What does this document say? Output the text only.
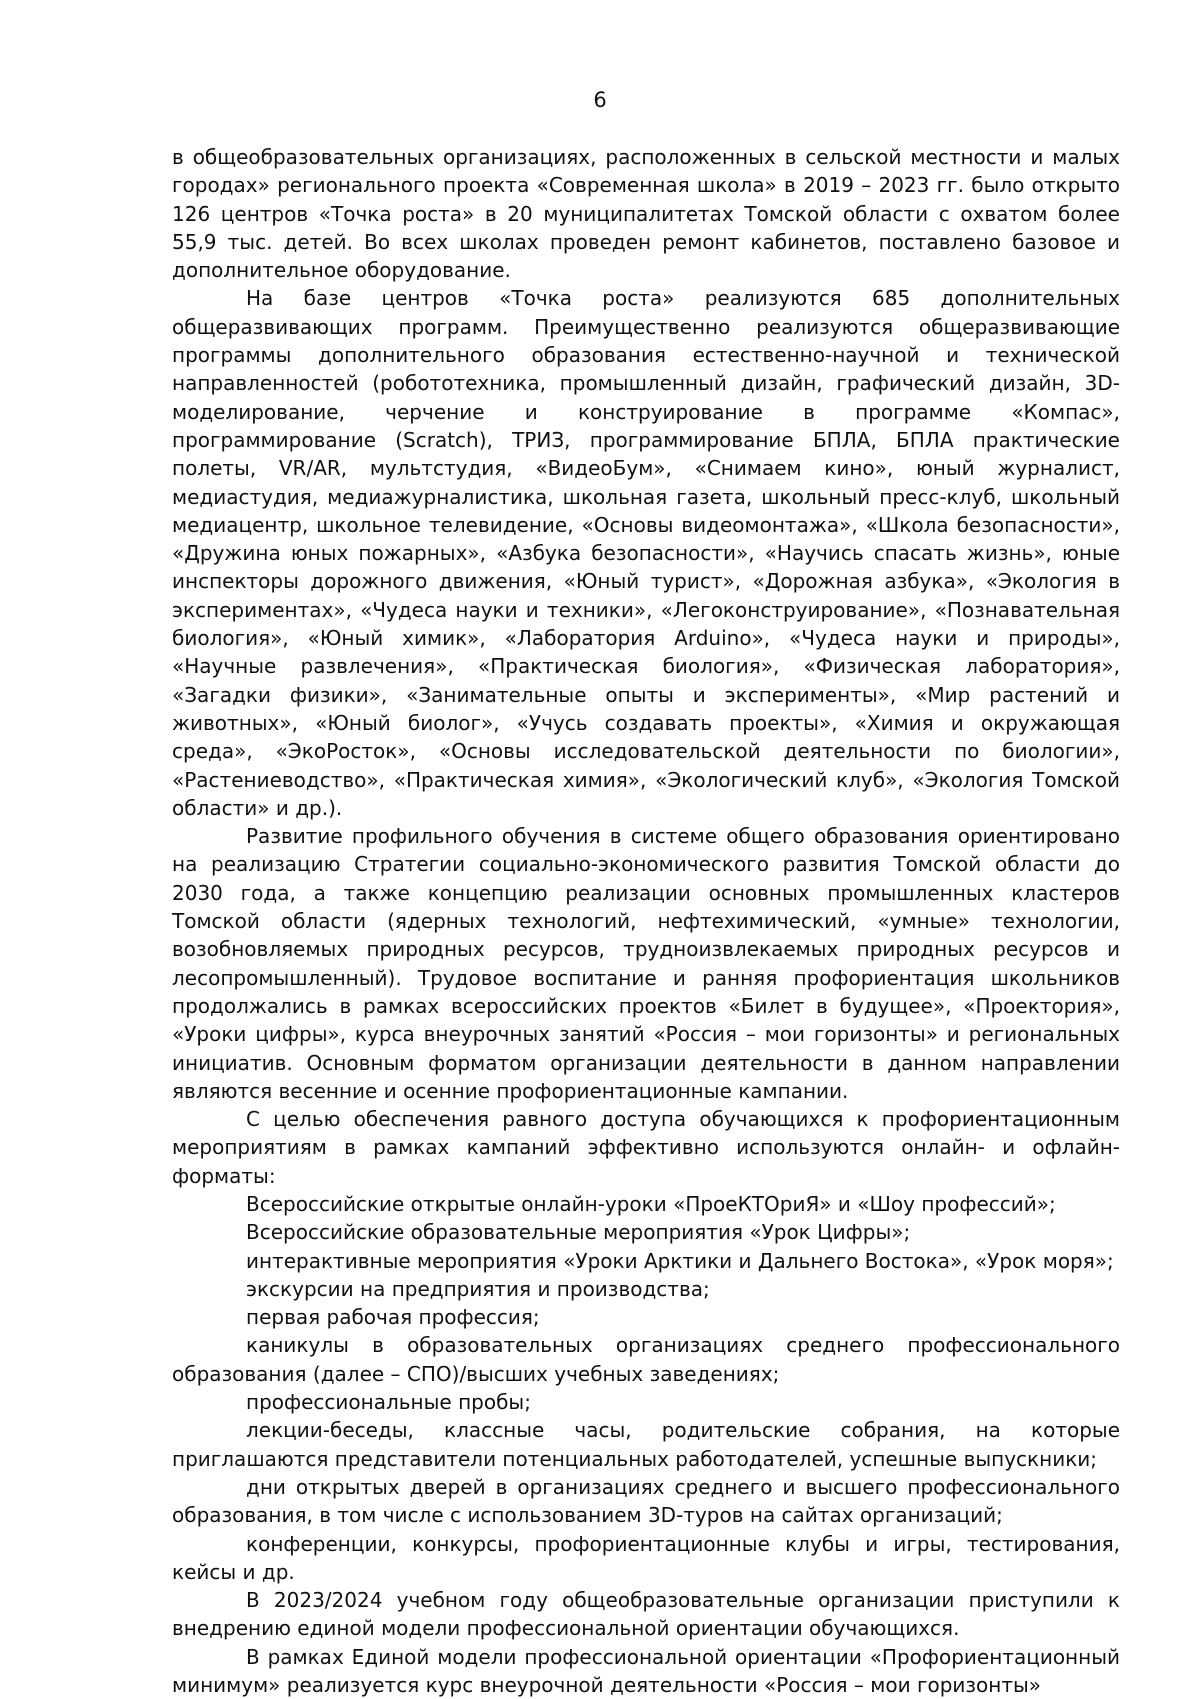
6

в общеобразовательных организациях, расположенных в сельской местности и малых городах» регионального проекта «Современная школа» в 2019 – 2023 гг. было открыто 126 центров «Точка роста» в 20 муниципалитетах Томской области с охватом более 55,9 тыс. детей. Во всех школах проведен ремонт кабинетов, поставлено базовое и дополнительное оборудование.

На базе центров «Точка роста» реализуются 685 дополнительных общеразвивающих программ. Преимущественно реализуются общеразвивающие программы дополнительного образования естественно-научной и технической направленностей (робототехника, промышленный дизайн, графический дизайн, 3D-моделирование, черчение и конструирование в программе «Компас», программирование (Scratch), ТРИЗ, программирование БПЛА, БПЛА практические полеты, VR/AR, мультстудия, «ВидеоБум», «Снимаем кино», юный журналист, медиастудия, медиажурналистика, школьная газета, школьный пресс-клуб, школьный медиацентр, школьное телевидение, «Основы видеомонтажа», «Школа безопасности», «Дружина юных пожарных», «Азбука безопасности», «Научись спасать жизнь», юные инспекторы дорожного движения, «Юный турист», «Дорожная азбука», «Экология в экспериментах», «Чудеса науки и техники», «Легоконструирование», «Познавательная биология», «Юный химик», «Лаборатория Arduino», «Чудеса науки и природы», «Научные развлечения», «Практическая биология», «Физическая лаборатория», «Загадки физики», «Занимательные опыты и эксперименты», «Мир растений и животных», «Юный биолог», «Учусь создавать проекты», «Химия и окружающая среда», «ЭкоРосток», «Основы исследовательской деятельности по биологии», «Растениеводство», «Практическая химия», «Экологический клуб», «Экология Томской области» и др.).

Развитие профильного обучения в системе общего образования ориентировано на реализацию Стратегии социально-экономического развития Томской области до 2030 года, а также концепцию реализации основных промышленных кластеров Томской области (ядерных технологий, нефтехимический, «умные» технологии, возобновляемых природных ресурсов, трудноизвлекаемых природных ресурсов и лесопромышленный). Трудовое воспитание и ранняя профориентация школьников продолжались в рамках всероссийских проектов «Билет в будущее», «Проектория», «Уроки цифры», курса внеурочных занятий «Россия – мои горизонты» и региональных инициатив. Основным форматом организации деятельности в данном направлении являются весенние и осенние профориентационные кампании.

С целью обеспечения равного доступа обучающихся к профориентационным мероприятиям в рамках кампаний эффективно используются онлайн- и офлайн-форматы:

Всероссийские открытые онлайн-уроки «ПроеКТОриЯ» и «Шоу профессий»;

Всероссийские образовательные мероприятия «Урок Цифры»;

интерактивные мероприятия «Уроки Арктики и Дальнего Востока», «Урок моря»;

экскурсии на предприятия и производства;

первая рабочая профессия;

каникулы в образовательных организациях среднего профессионального образования (далее – СПО)/высших учебных заведениях;

профессиональные пробы;

лекции-беседы, классные часы, родительские собрания, на которые приглашаются представители потенциальных работодателей, успешные выпускники;

дни открытых дверей в организациях среднего и высшего профессионального образования, в том числе с использованием 3D-туров на сайтах организаций;

конференции, конкурсы, профориентационные клубы и игры, тестирования, кейсы и др.

В 2023/2024 учебном году общеобразовательные организации приступили к внедрению единой модели профессиональной ориентации обучающихся.

В рамках Единой модели профессиональной ориентации «Профориентационный минимум» реализуется курс внеурочной деятельности «Россия – мои горизонты»
